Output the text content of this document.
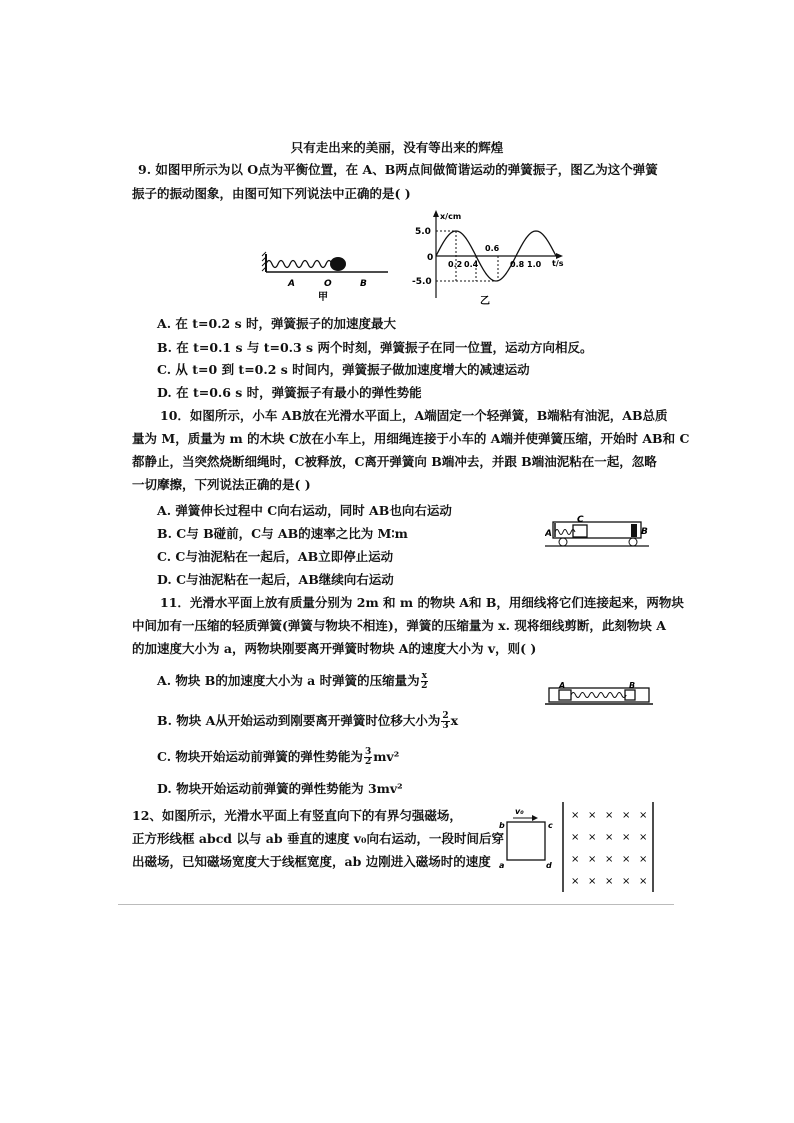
只有走出来的美丽，没有等出来的辉煌
9. 如图甲所示为以 O点为平衡位置，在 A、B两点间做简谐运动的弹簧振子，图乙为这个弹簧
振子的振动图象，由图可知下列说法中正确的是( )
A	O	B
甲
x/cm
t/s
5.0
0
-5.0
0.2 0.4
0.6
0.8 1.0
乙
A. 在 t=0.2 s 时，弹簧振子的加速度最大
B. 在 t=0.1 s 与 t=0.3 s 两个时刻，弹簧振子在同一位置，运动方向相反。
C. 从 t=0 到 t=0.2 s 时间内，弹簧振子做加速度增大的减速运动
D. 在 t=0.6 s 时，弹簧振子有最小的弹性势能
10．如图所示，小车 AB放在光滑水平面上，A端固定一个轻弹簧，B端粘有油泥，AB总质
量为 M，质量为 m 的木块 C放在小车上，用细绳连接于小车的 A端并使弹簧压缩，开始时 AB和 C
都静止，当突然烧断细绳时，C被释放，C离开弹簧向 B端冲去，并跟 B端油泥粘在一起，忽略
一切摩擦，下列说法正确的是( )
A. 弹簧伸长过程中 C向右运动，同时 AB也向右运动
B. C与 B碰前，C与 AB的速率之比为 M∶m
C. C与油泥粘在一起后，AB立即停止运动
D. C与油泥粘在一起后，AB继续向右运动
A	B
C
11．光滑水平面上放有质量分别为 2m 和 m 的物块 A和 B，用细线将它们连接起来，两物块
中间加有一压缩的轻质弹簧(弹簧与物块不相连)，弹簧的压缩量为 x. 现将细线剪断，此刻物块 A
的加速度大小为 a，两物块刚要离开弹簧时物块 A的速度大小为 v，则( )
A. 物块 B的加速度大小为 a 时弹簧的压缩量为 $\frac{x}{2}$
B. 物块 A从开始运动到刚要离开弹簧时位移大小为 $\frac{2}{3}$ x
C. 物块开始运动前弹簧的弹性势能为 $\frac{3}{2} mv^2$
D. 物块开始运动前弹簧的弹性势能为 3mv²
A	B
12、如图所示，光滑水平面上有竖直向下的有界匀强磁场，
正方形线框 abcd 以与 ab 垂直的速度 v₀向右运动，一段时间后穿
出磁场，已知磁场宽度大于线框宽度，ab 边刚进入磁场时的速度
v₀
b	c
a	d
× × × × ×
× × × × ×
× × × × ×
× × × × ×
